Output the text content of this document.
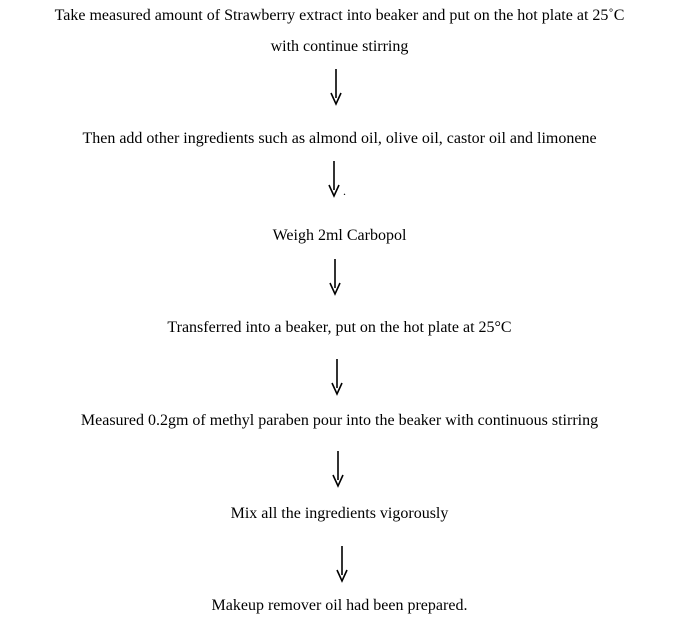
Take measured amount of Strawberry extract into beaker and put on the hot plate at 25˚C
with continue stirring
Then add other ingredients such as almond oil, olive oil, castor oil and limonene
.
Weigh 2ml Carbopol
Transferred into a beaker, put on the hot plate at 25°C
Measured 0.2gm of methyl paraben pour into the beaker with continuous stirring
Mix all the ingredients vigorously
Makeup remover oil had been prepared.
